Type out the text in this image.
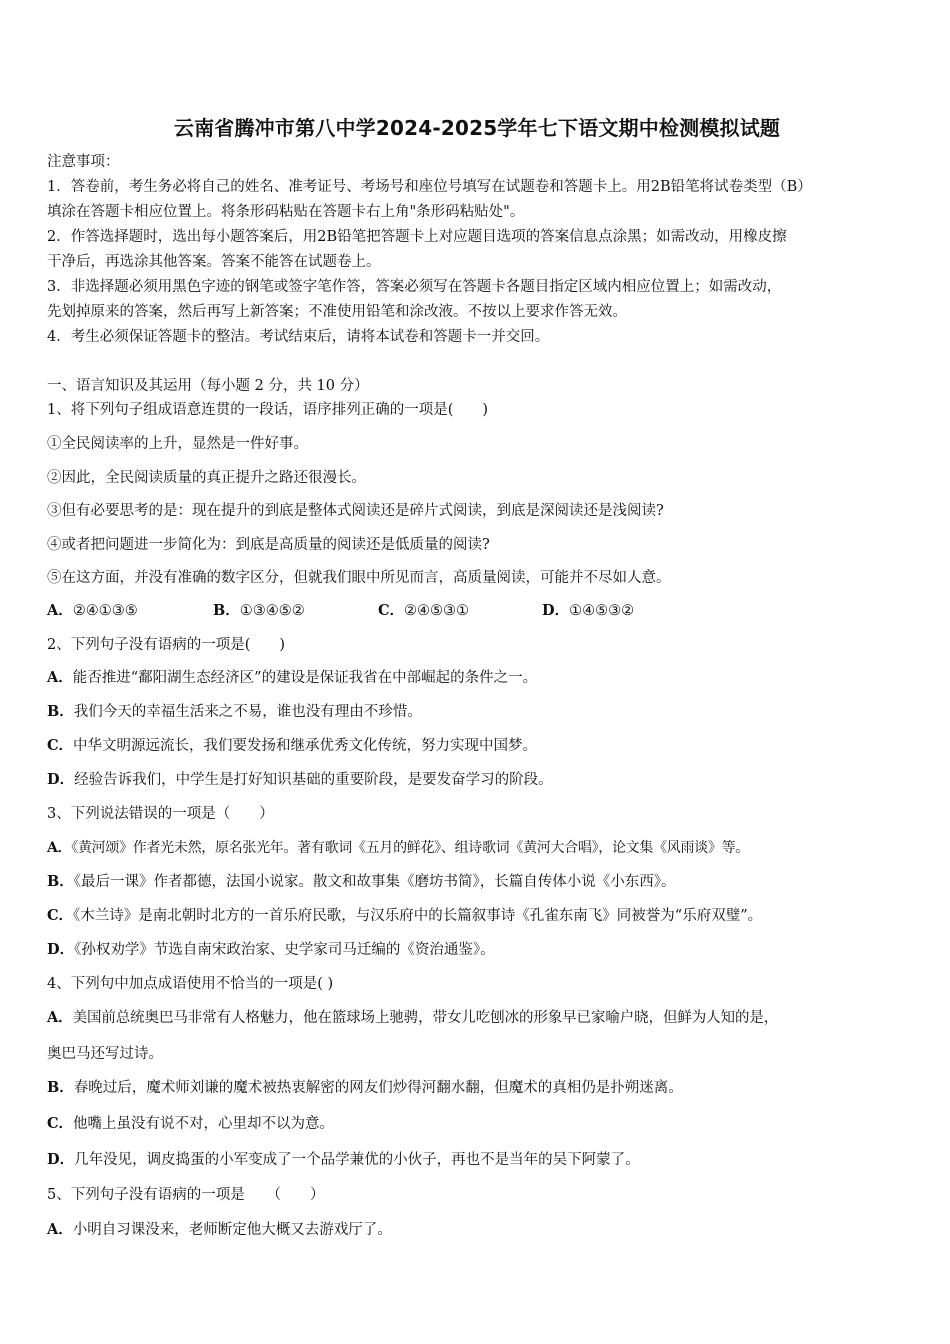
云南省腾冲市第八中学2024-2025学年七下语文期中检测模拟试题
注意事项：
1．答卷前，考生务必将自己的姓名、准考证号、考场号和座位号填写在试题卷和答题卡上。用2B铅笔将试卷类型（B）
填涂在答题卡相应位置上。将条形码粘贴在答题卡右上角"条形码粘贴处"。
2．作答选择题时，选出每小题答案后，用2B铅笔把答题卡上对应题目选项的答案信息点涂黑；如需改动，用橡皮擦
干净后，再选涂其他答案。答案不能答在试题卷上。
3．非选择题必须用黑色字迹的钢笔或签字笔作答，答案必须写在答题卡各题目指定区域内相应位置上；如需改动，
先划掉原来的答案，然后再写上新答案；不准使用铅笔和涂改液。不按以上要求作答无效。
4．考生必须保证答题卡的整洁。考试结束后，请将本试卷和答题卡一并交回。
一、语言知识及其运用（每小题 2 分，共 10 分）
1、将下列句子组成语意连贯的一段话，语序排列正确的一项是(　　)
①全民阅读率的上升，显然是一件好事。
②因此，全民阅读质量的真正提升之路还很漫长。
③但有必要思考的是：现在提升的到底是整体式阅读还是碎片式阅读，到底是深阅读还是浅阅读?
④或者把问题进一步简化为：到底是高质量的阅读还是低质量的阅读?
⑤在这方面，并没有准确的数字区分，但就我们眼中所见而言，高质量阅读，可能并不尽如人意。
A．②④①③⑤	B．①③④⑤②	C．②④⑤③①	D．①④⑤③②
2、下列句子没有语病的一项是(　　)
A．能否推进“鄱阳湖生态经济区”的建设是保证我省在中部崛起的条件之一。
B．我们今天的幸福生活来之不易，谁也没有理由不珍惜。
C．中华文明源远流长，我们要发扬和继承优秀文化传统，努力实现中国梦。
D．经验告诉我们，中学生是打好知识基础的重要阶段，是要发奋学习的阶段。
3、下列说法错误的一项是（　　）
A．《黄河颂》作者光未然，原名张光年。著有歌词《五月的鲜花》、组诗歌词《黄河大合唱》，论文集《风雨谈》等。
B．《最后一课》作者都德，法国小说家。散文和故事集《磨坊书简》，长篇自传体小说《小东西》。
C．《木兰诗》是南北朝时北方的一首乐府民歌，与汉乐府中的长篇叙事诗《孔雀东南飞》同被誉为“乐府双璧”。
D．《孙权劝学》节选自南宋政治家、史学家司马迁编的《资治通鉴》。
4、下列句中加点成语使用不恰当的一项是( )
A．美国前总统奥巴马非常有人格魅力，他在篮球场上驰骋，带女儿吃刨冰的形象早已家喻户晓，但鲜为人知的是，
奥巴马还写过诗。
B．春晚过后，魔术师刘谦的魔术被热衷解密的网友们炒得河翻水翻，但魔术的真相仍是扑朔迷离。
C．他嘴上虽没有说不对，心里却不以为意。
D．几年没见，调皮捣蛋的小军变成了一个品学兼优的小伙子，再也不是当年的吴下阿蒙了。
5、下列句子没有语病的一项是　　（　　）
A．小明自习课没来，老师断定他大概又去游戏厅了。
